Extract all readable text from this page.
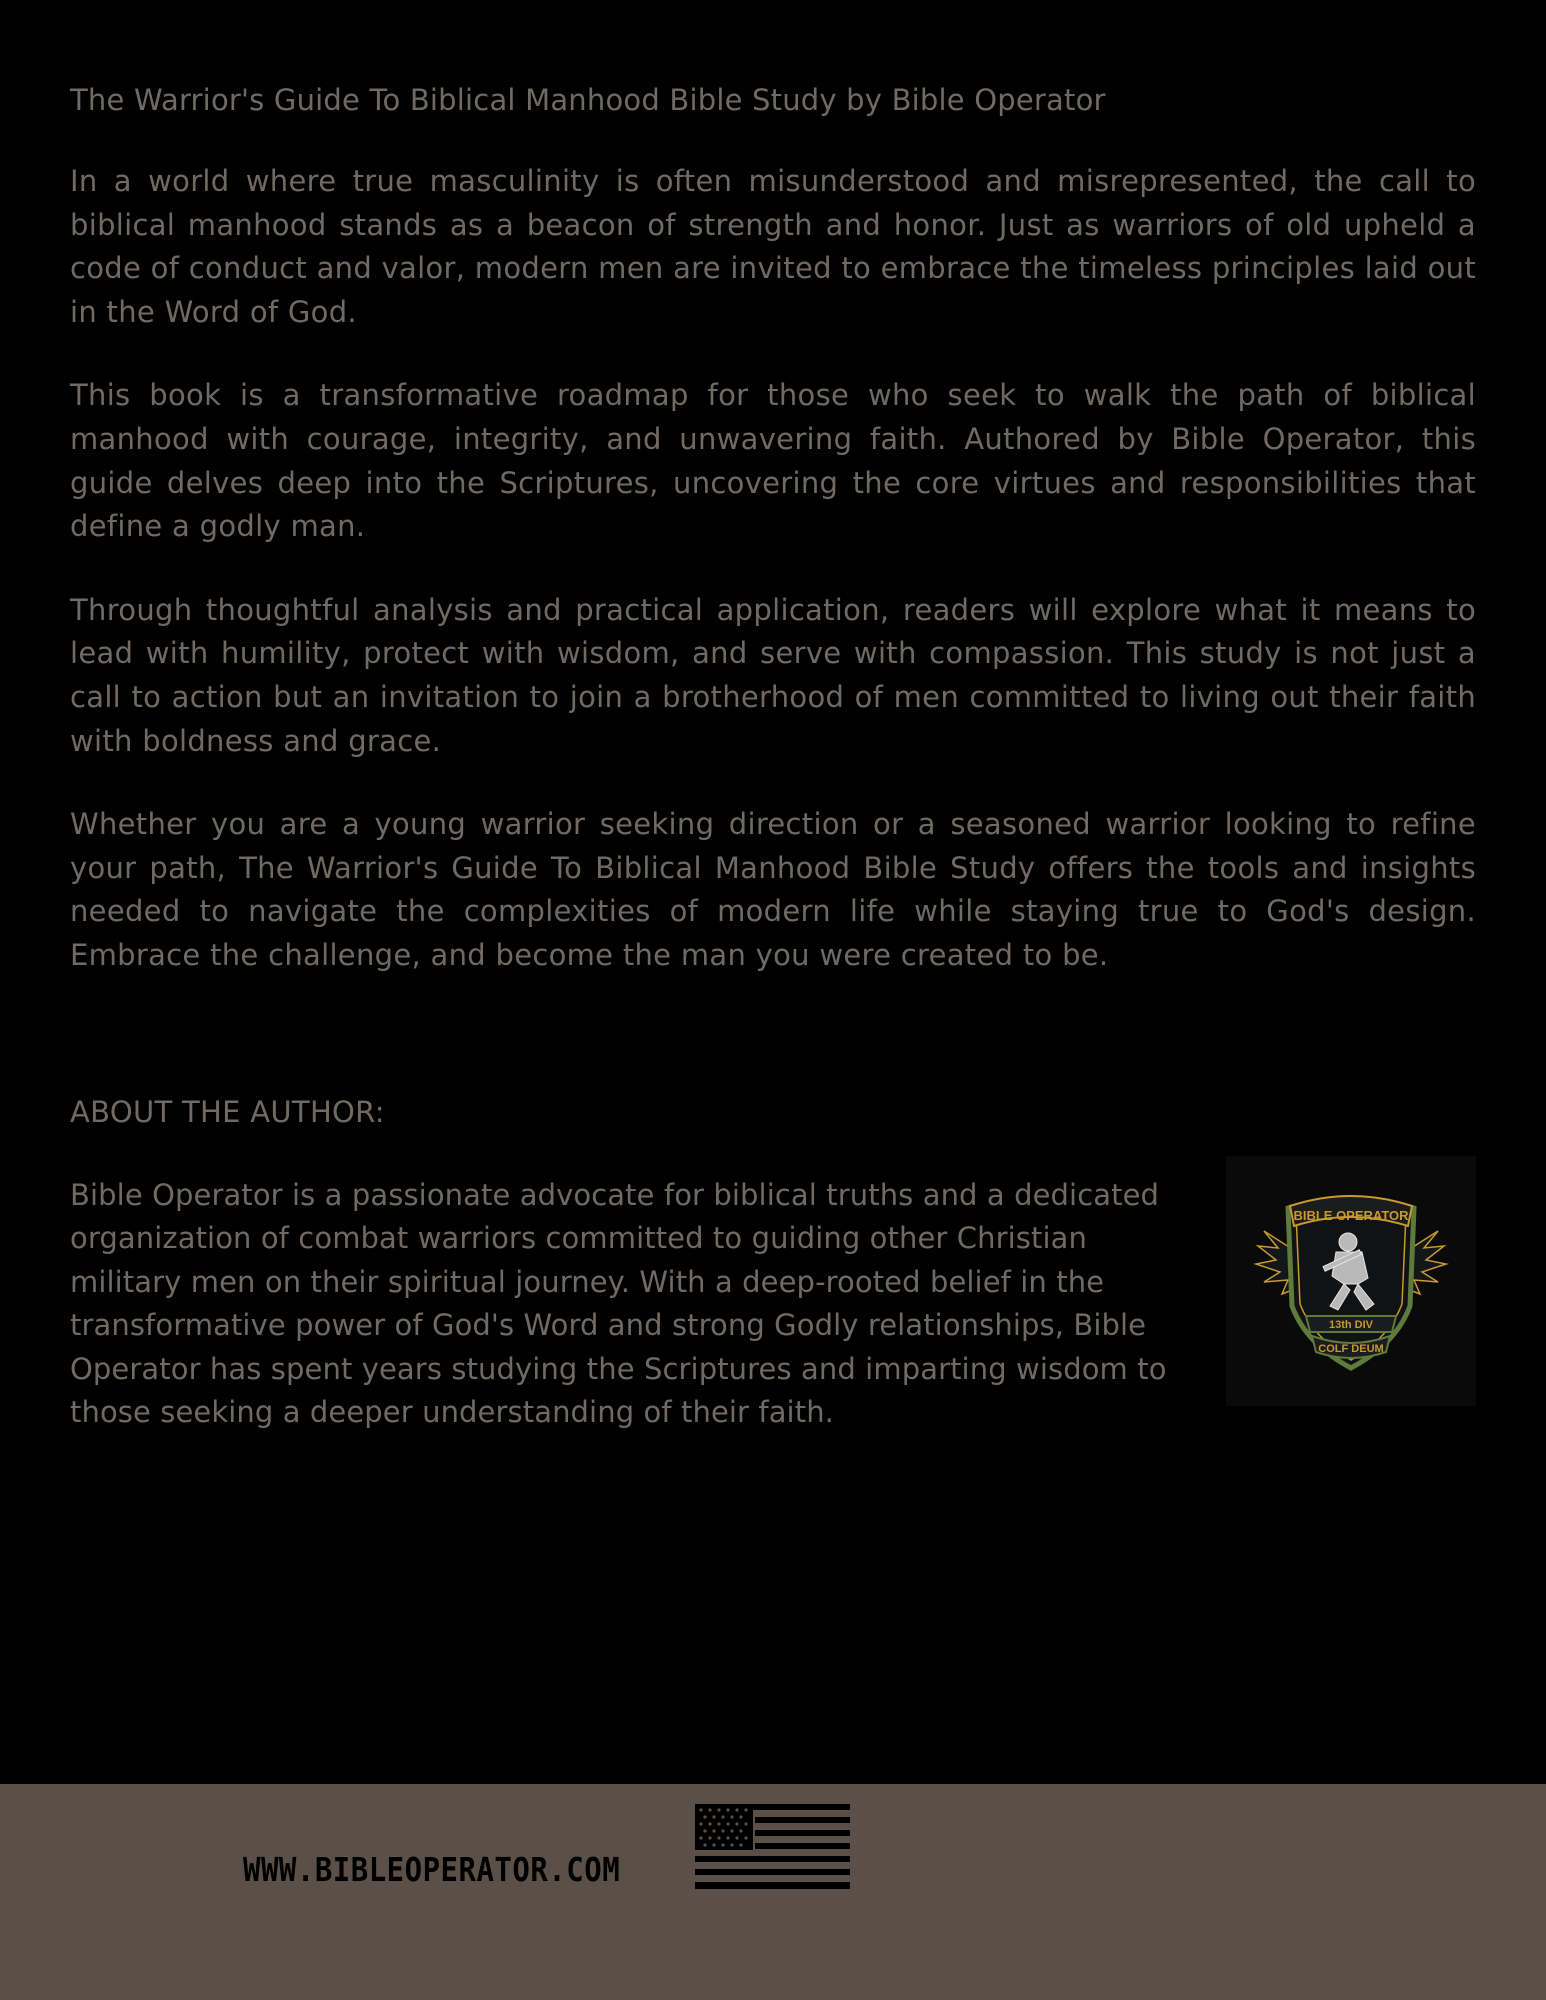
The Warrior's Guide To Biblical Manhood Bible Study by Bible Operator

In a world where true masculinity is often misunderstood and misrepresented, the call to biblical manhood stands as a beacon of strength and honor. Just as warriors of old upheld a code of conduct and valor, modern men are invited to embrace the timeless principles laid out in the Word of God.

This book is a transformative roadmap for those who seek to walk the path of biblical manhood with courage, integrity, and unwavering faith. Authored by Bible Operator, this guide delves deep into the Scriptures, uncovering the core virtues and responsibilities that define a godly man.

Through thoughtful analysis and practical application, readers will explore what it means to lead with humility, protect with wisdom, and serve with compassion. This study is not just a call to action but an invitation to join a brotherhood of men committed to living out their faith with boldness and grace.

Whether you are a young warrior seeking direction or a seasoned warrior looking to refine your path, The Warrior's Guide To Biblical Manhood Bible Study offers the tools and insights needed to navigate the complexities of modern life while staying true to God's design. Embrace the challenge, and become the man you were created to be.

ABOUT THE AUTHOR:

Bible Operator is a passionate advocate for biblical truths and a dedicated organization of combat warriors committed to guiding other Christian military men on their spiritual journey. With a deep-rooted belief in the transformative power of God's Word and strong Godly relationships, Bible Operator has spent years studying the Scriptures and imparting wisdom to those seeking a deeper understanding of their faith.

BIBLE OPERATOR
13th DIV
COLF DEUM
WWW.BIBLEOPERATOR.COM
